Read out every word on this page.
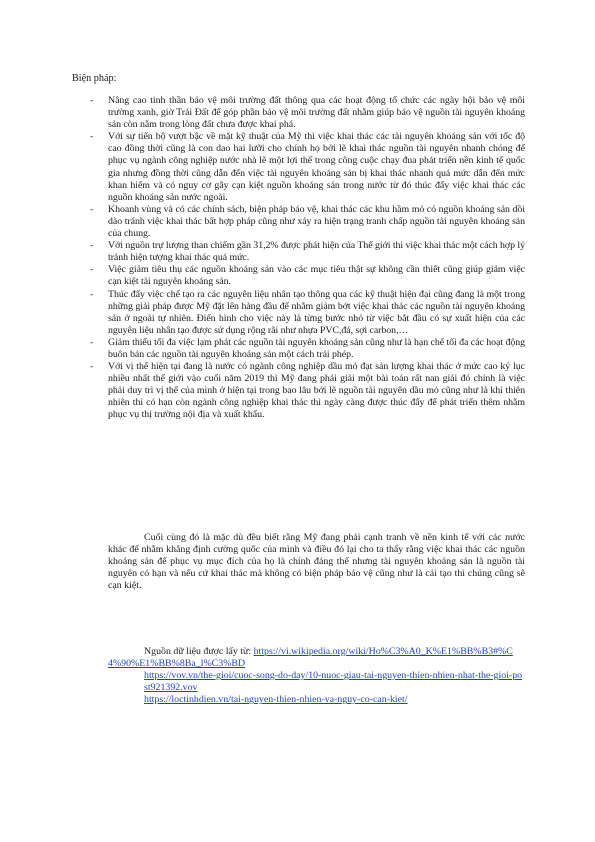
Biện pháp:

- Nâng cao tinh thần bảo vệ môi trường đất thông qua các hoạt động tổ chức các ngày hội bảo vệ môi trường xanh, giờ Trái Đất để góp phần bảo vệ môi trường đất nhằm giúp bảo vệ nguồn tài nguyên khoáng sản còn nằm trong lòng đất chưa được khai phá.
- Với sự tiến bộ vượt bậc về mặt kỹ thuật của Mỹ thì việc khai thác các tài nguyên khoáng sản với tốc độ cao đồng thời cũng là con dao hai lưỡi cho chính họ bởi lẽ khai thác nguồn tài nguyên nhanh chóng để phục vụ ngành công nghiệp nước nhà lẽ một lợi thế trong công cuộc chạy đua phát triển nền kinh tế quốc gia nhưng đồng thời cũng dẫn đến việc tài nguyên khoáng sản bị khai thác nhanh quá mức dẫn đến mức khan hiếm và có nguy cơ gây cạn kiệt nguồn khoáng sản trong nước từ đó thúc đẩy việc khai thác các nguồn khoáng sản nước ngoài.
- Khoanh vùng và có các chính sách, biện pháp bảo vệ, khai thác các khu hầm mỏ có nguồn khoáng sản dồi dào tránh việc khai thác bất hợp pháp cũng như xảy ra hiện trạng tranh chấp nguồn tài nguyên khoáng sản của chung.
- Với nguồn trự lượng than chiếm gần 31,2% được phát hiện của Thế giới thì việc khai thác một cách hợp lý tránh hiện tượng khai thác quá mức.
- Việc giảm tiêu thụ các nguồn khoáng sản vào các mục tiêu thật sự không cần thiết cũng giúp giảm việc cạn kiệt tài nguyên khoáng sản.
- Thúc đẩy việc chế tạo ra các nguyên liệu nhân tạo thông qua các kỹ thuật hiện đại cũng đang là một trong những giải pháp được Mỹ đặt lên hàng đầu để nhằm giảm bớt việc khai thác các nguồn tài nguyên khoáng sản ở ngoài tự nhiên. Điển hình cho việc này là từng bước nhỏ từ việc bắt đầu có sự xuất hiện của các nguyên liệu nhân tạo được sử dụng rộng rãi như nhựa PVC,đá, sợi carbon,…
- Giảm thiểu tối đa việc lạm phát các nguồn tài nguyên khoáng sản cũng như là hạn chế tối đa các hoạt động buôn bán các nguồn tài nguyên khoáng sản một cách trái phép.
- Với vị thế hiện tại đang là nước có ngành công nghiệp dầu mỏ đạt sản lượng khai thác ở mức cao kỷ lục nhiều nhất thế giới vào cuối năm 2019 thì Mỹ đang phải giải một bài toán rất nan giải đó chính là việc phải duy trì vị thế của mình ở hiện tại trong bao lâu bởi lẽ nguồn tài nguyên dầu mỏ cũng như là khí thiên nhiên thì có hạn còn ngành công nghiệp khai thác thì ngày càng được thúc đẩy để phát triển thêm nhằm phục vụ thị trường nội địa và xuất khẩu.

Cuối cùng đó là mặc dù đều biết rằng Mỹ đang phải cạnh tranh về nền kinh tế với các nước khác để nhằm khẳng định cường quốc của mình và điều đó lại cho ta thấy rằng việc khai thác các nguồn khoáng sản để phục vụ mục đích của họ là chính đáng thế nhưng tài nguyên khoáng sản là nguồn tài nguyên có hạn và nếu cứ khai thác mà không có biện pháp bảo vệ cũng như là cải tạo thì chúng cũng sẽ cạn kiệt.

Nguồn dữ liệu được lấy từ: https://vi.wikipedia.org/wiki/Ho%C3%A0_K%E1%BB%B3#%C4%90%E1%BB%8Ba_l%C3%BD
https://vov.vn/the-gioi/cuoc-song-do-day/10-nuoc-giau-tai-nguyen-thien-nhien-nhat-the-gioi-post921392.vov
https://loctinhdien.vn/tai-nguyen-thien-nhien-va-nguy-co-can-kiet/
